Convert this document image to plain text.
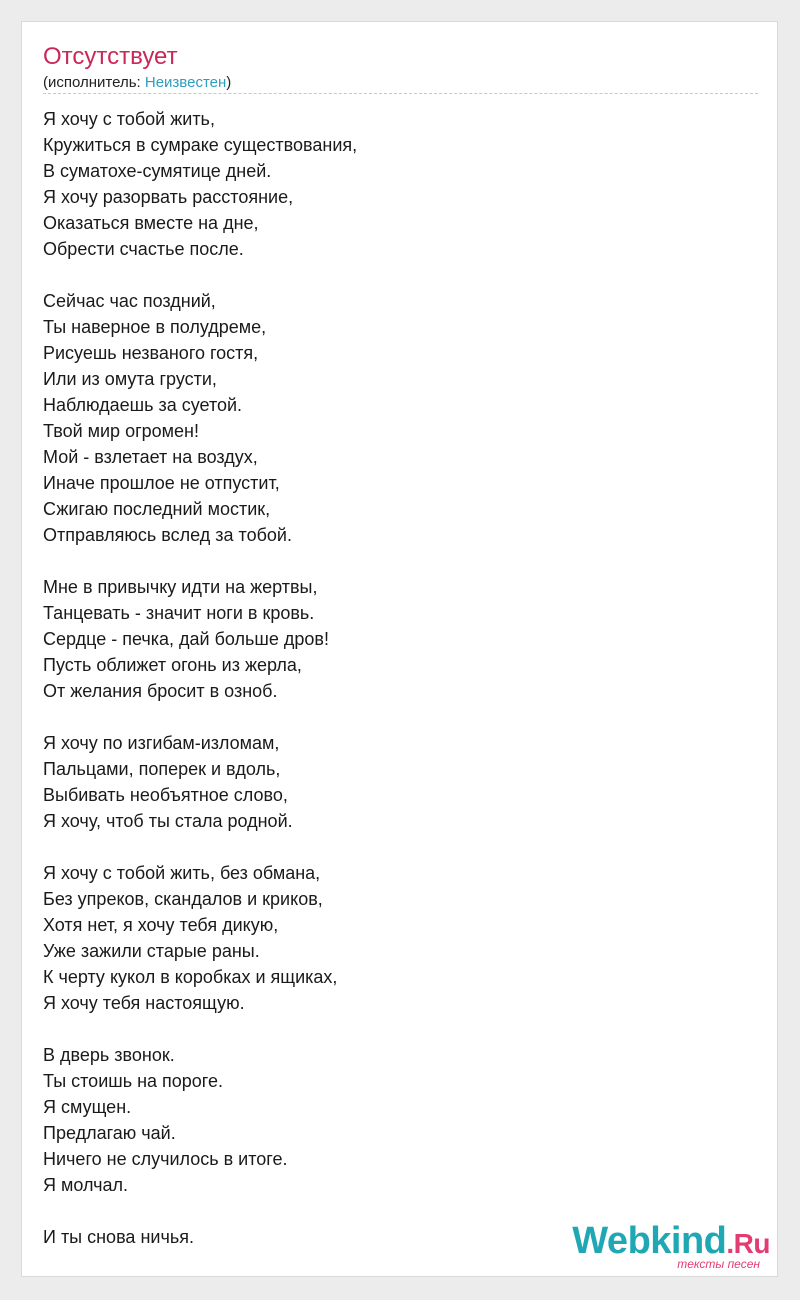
Отсутствует
(исполнитель: Неизвестен)
Я хочу с тобой жить,
Кружиться в сумраке существования,
В суматохе-сумятице дней.
Я хочу разорвать расстояние,
Оказаться вместе на дне,
Обрести счастье после.
Сейчас час поздний,
Ты наверное в полудреме,
Рисуешь незваного гостя,
Или из омута грусти,
Наблюдаешь за суетой.
Твой мир огромен!
Мой - взлетает на воздух,
Иначе прошлое не отпустит,
Сжигаю последний мостик,
Отправляюсь вслед за тобой.
Мне в привычку идти на жертвы,
Танцевать - значит ноги в кровь.
Сердце - печка, дай больше дров!
Пусть оближет огонь из жерла,
От желания бросит в озноб.
Я хочу по изгибам-изломам,
Пальцами, поперек и вдоль,
Выбивать необъятное слово,
Я хочу, чтоб ты стала родной.
Я хочу с тобой жить, без обмана,
Без упреков, скандалов и криков,
Хотя нет, я хочу тебя дикую,
Уже зажили старые раны.
К черту кукол в коробках и ящиках,
Я хочу тебя настоящую.
В дверь звонок.
Ты стоишь на пороге.
Я смущен.
Предлагаю чай.
Ничего не случилось в итоге.
Я молчал.
И ты снова ничья.	Webkind.Ru
тексты песен
